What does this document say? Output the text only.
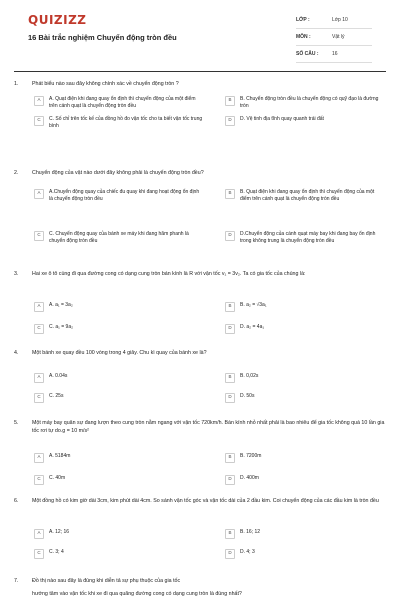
QUIZIZZ
16 Bài trắc nghiệm Chuyển động tròn đều
LỚP :	Lớp 10
MÔN :	Vật lý
SỐ CÂU :	16
1.	Phát biểu nào sau đây không chính xác về chuyển động tròn ?
A	A. Quạt điện khi đang quay ổn định thì chuyển động của một điểm trên cánh quạt là chuyển động tròn đều
B	B. Chuyển động tròn đều là chuyển động có quỹ đạo là đường tròn
C	C. Số chỉ trên tốc kế của đồng hồ đo vận tốc cho ta biết vận tốc trung bình
D	D. Vệ tinh địa tĩnh quay quanh trái đất
2.	Chuyển động của vật nào dưới đây không phải là chuyển động tròn đều?
A	A.Chuyển động quay của chiếc đu quay khi đang hoạt động ổn định là chuyển động tròn đều
B	B. Quạt điện khi đang quay ổn định thì chuyển động của một điểm trên cánh quạt là chuyển động tròn đều
C	C. Chuyển động quay của bánh xe máy khi đang hãm phanh là chuyển động tròn đều
D	D.Chuyển động của cánh quạt máy bay khi đang bay ổn định trong không trung là chuyển động tròn đều
3.	Hai xe ô tô cùng đi qua đường cong có dạng cung tròn bán kính là R với vận tốc v₁ = 3v₂. Ta có gia tốc của chúng là:
A	A. a₁ = 3a₂	B	B. a₂ = √3a₁
C	C. a₁ = 9a₂	D	D. a₂ = 4a₁
4.	Một bánh xe quay đều 100 vòng trong 4 giây. Chu kì quay của bánh xe là?
A	A. 0.04s	B	B. 0,02s
C	C. 25s	D	D. 50s
5.	Một máy bay quân sự đang lượn theo cung tròn nằm ngang với vận tốc 720km/h. Bán kính nhỏ nhất phải là bao nhiêu để gia tốc không quá 10 lần gia tốc rơi tự do.g = 10 m/s²
A	A. 5184m	B	B. 7200m
C	C. 40m	D	D. 400m
6.	Một đồng hồ có kim giờ dài 3cm, kim phút dài 4cm. So sánh vận tốc góc và vận tốc dài của 2 đầu kim. Coi chuyển động của các đầu kim là tròn đều
A	A. 12; 16	B	B. 16; 12
C	C. 3; 4	D	D. 4; 3
7.	Đồ thị nào sau đây là đúng khi diễn tả sự phụ thuộc của gia tốc
hướng tâm vào vận tốc khi xe đi qua quãng đường cong có dạng cung tròn là đúng nhất?
